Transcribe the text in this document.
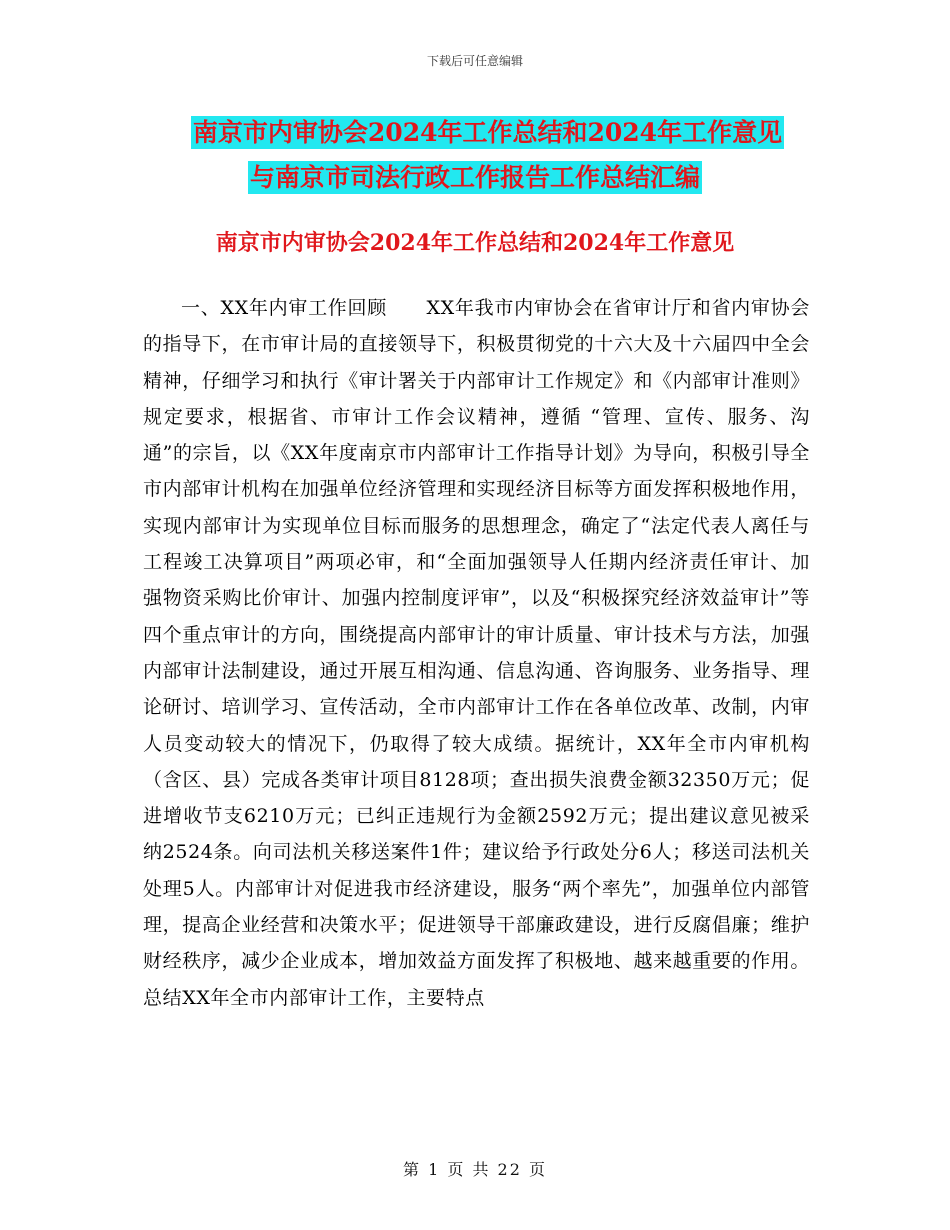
下载后可任意编辑
南京市内审协会2024年工作总结和2024年工作意见
与南京市司法行政工作报告工作总结汇编
南京市内审协会2024年工作总结和2024年工作意见
一、XX年内审工作回顾　　XX年我市内审协会在省审计厅和省内审协会的指导下，在市审计局的直接领导下，积极贯彻党的十六大及十六届四中全会精神，仔细学习和执行《审计署关于内部审计工作规定》和《内部审计准则》规定要求，根据省、市审计工作会议精神，遵循 “管理、宣传、服务、沟通”的宗旨，以《XX年度南京市内部审计工作指导计划》为导向，积极引导全市内部审计机构在加强单位经济管理和实现经济目标等方面发挥积极地作用，实现内部审计为实现单位目标而服务的思想理念，确定了“法定代表人离任与工程竣工决算项目”两项必审，和“全面加强领导人任期内经济责任审计、加强物资采购比价审计、加强内控制度评审”，以及“积极探究经济效益审计”等四个重点审计的方向，围绕提高内部审计的审计质量、审计技术与方法，加强内部审计法制建设，通过开展互相沟通、信息沟通、咨询服务、业务指导、理论研讨、培训学习、宣传活动，全市内部审计工作在各单位改革、改制，内审人员变动较大的情况下，仍取得了较大成绩。据统计，XX年全市内审机构（含区、县）完成各类审计项目8128项；查出损失浪费金额32350万元；促进增收节支6210万元；已纠正违规行为金额2592万元；提出建议意见被采纳2524条。向司法机关移送案件1件；建议给予行政处分6人；移送司法机关处理5人。内部审计对促进我市经济建设，服务“两个率先”，加强单位内部管理，提高企业经营和决策水平；促进领导干部廉政建设，进行反腐倡廉；维护财经秩序，减少企业成本，增加效益方面发挥了积极地、越来越重要的作用。总结XX年全市内部审计工作，主要特点
第 1 页 共 22 页
